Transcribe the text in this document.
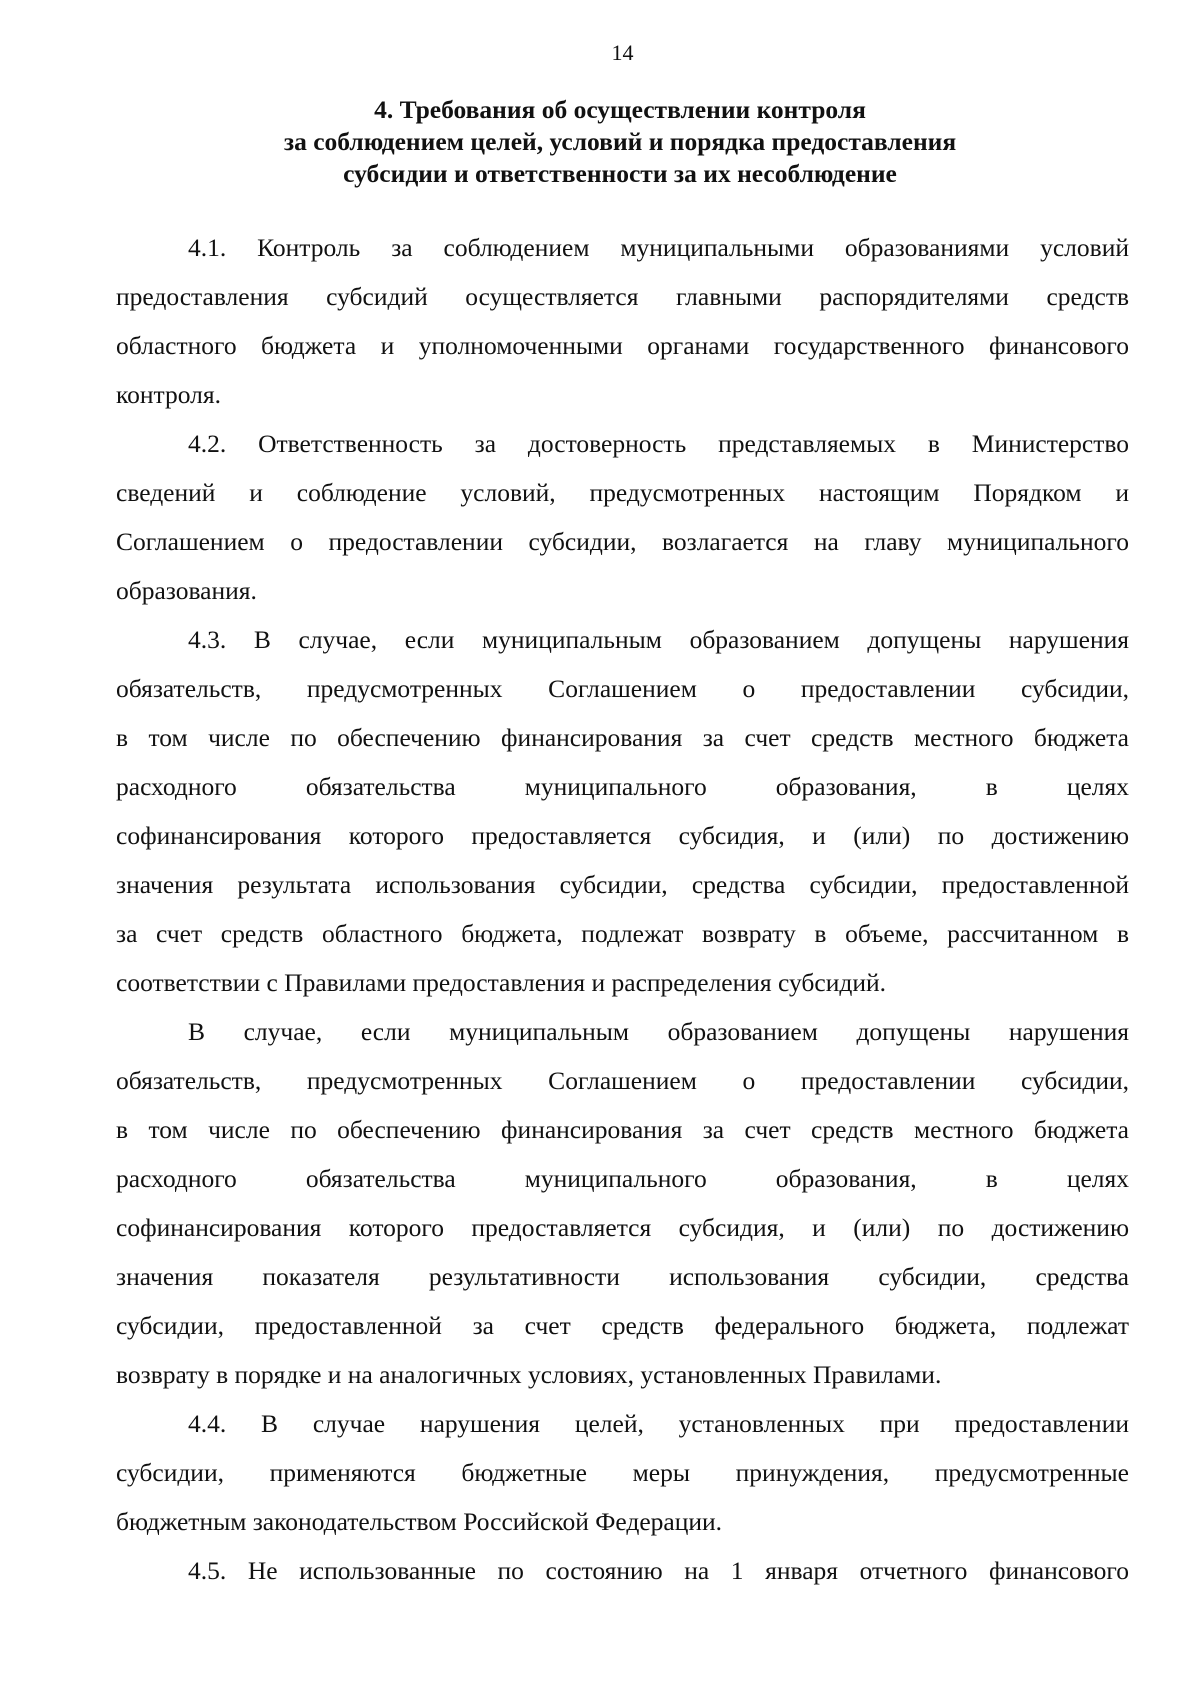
14
4. Требования об осуществлении контроля
за соблюдением целей, условий и порядка предоставления
субсидии и ответственности за их несоблюдение
4.1. Контроль за соблюдением муниципальными образованиями условий
предоставления субсидий осуществляется главными распорядителями средств
областного бюджета и уполномоченными органами государственного финансового
контроля.
4.2. Ответственность за достоверность представляемых в Министерство
сведений и соблюдение условий, предусмотренных настоящим Порядком и
Соглашением о предоставлении субсидии, возлагается на главу муниципального
образования.
4.3. В случае, если муниципальным образованием допущены нарушения
обязательств, предусмотренных Соглашением о предоставлении субсидии,
в том числе по обеспечению финансирования за счет средств местного бюджета
расходного обязательства муниципального образования, в целях
софинансирования которого предоставляется субсидия, и (или) по достижению
значения результата использования субсидии, средства субсидии, предоставленной
за счет средств областного бюджета, подлежат возврату в объеме, рассчитанном в
соответствии с Правилами предоставления и распределения субсидий.
В случае, если муниципальным образованием допущены нарушения
обязательств, предусмотренных Соглашением о предоставлении субсидии,
в том числе по обеспечению финансирования за счет средств местного бюджета
расходного обязательства муниципального образования, в целях
софинансирования которого предоставляется субсидия, и (или) по достижению
значения показателя результативности использования субсидии, средства
субсидии, предоставленной за счет средств федерального бюджета, подлежат
возврату в порядке и на аналогичных условиях, установленных Правилами.
4.4. В случае нарушения целей, установленных при предоставлении
субсидии, применяются бюджетные меры принуждения, предусмотренные
бюджетным законодательством Российской Федерации.
4.5. Не использованные по состоянию на 1 января отчетного финансового
